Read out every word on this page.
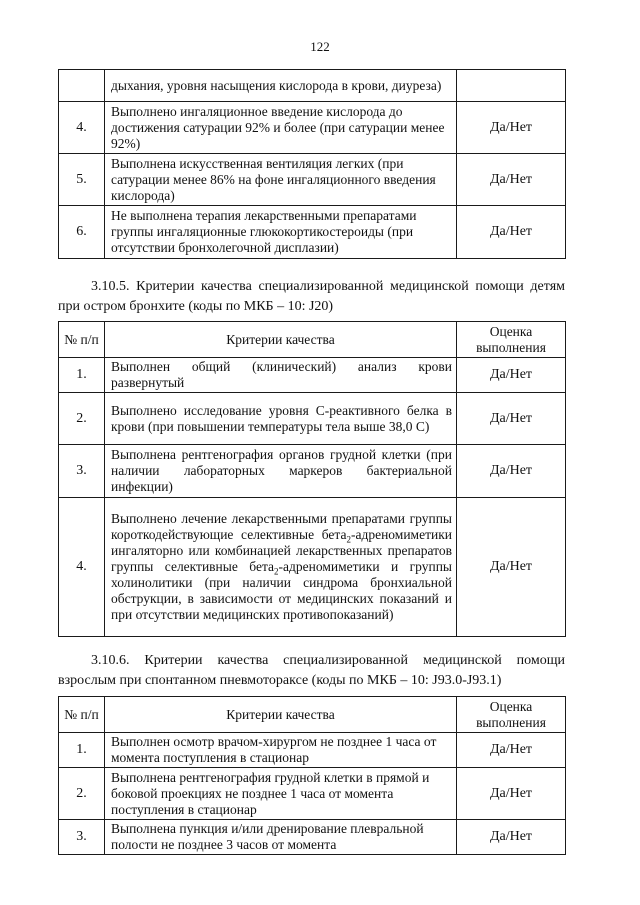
122
	дыхания, уровня насыщения кислорода в крови, диуреза)	
4.	Выполнено ингаляционное введение кислорода до достижения сатурации 92% и более (при сатурации менее 92%)	Да/Нет
5.	Выполнена искусственная вентиляция легких (при сатурации менее 86% на фоне ингаляционного введения кислорода)	Да/Нет
6.	Не выполнена терапия лекарственными препаратами группы ингаляционные глюкокортикостероиды (при отсутствии бронхолегочной дисплазии)	Да/Нет
3.10.5. Критерии качества специализированной медицинской помощи детям при остром бронхите (коды по МКБ – 10: J20)
№ п/п	Критерии качества	Оценка выполнения
1.	Выполнен общий (клинический) анализ крови развернутый	Да/Нет
2.	Выполнено исследование уровня С-реактивного белка в крови (при повышении температуры тела выше 38,0 С)	Да/Нет
3.	Выполнена рентгенография органов грудной клетки (при наличии лабораторных маркеров бактериальной инфекции)	Да/Нет
4.	Выполнено лечение лекарственными препаратами группы короткодействующие селективные бета$_2$-адреномиметики ингаляторно или комбинацией лекарственных препаратов группы селективные бета$_2$-адреномиметики и группы холинолитики (при наличии синдрома бронхиальной обструкции, в зависимости от медицинских показаний и при отсутствии медицинских противопоказаний)	Да/Нет
3.10.6. Критерии качества специализированной медицинской помощи взрослым при спонтанном пневмотораксе (коды по МКБ – 10: J93.0-J93.1)
№ п/п	Критерии качества	Оценка выполнения
1.	Выполнен осмотр врачом-хирургом не позднее 1 часа от момента поступления в стационар	Да/Нет
2.	Выполнена рентгенография грудной клетки в прямой и боковой проекциях не позднее 1 часа от момента поступления в стационар	Да/Нет
3.	Выполнена пункция и/или дренирование плевральной полости не позднее 3 часов от момента	Да/Нет
